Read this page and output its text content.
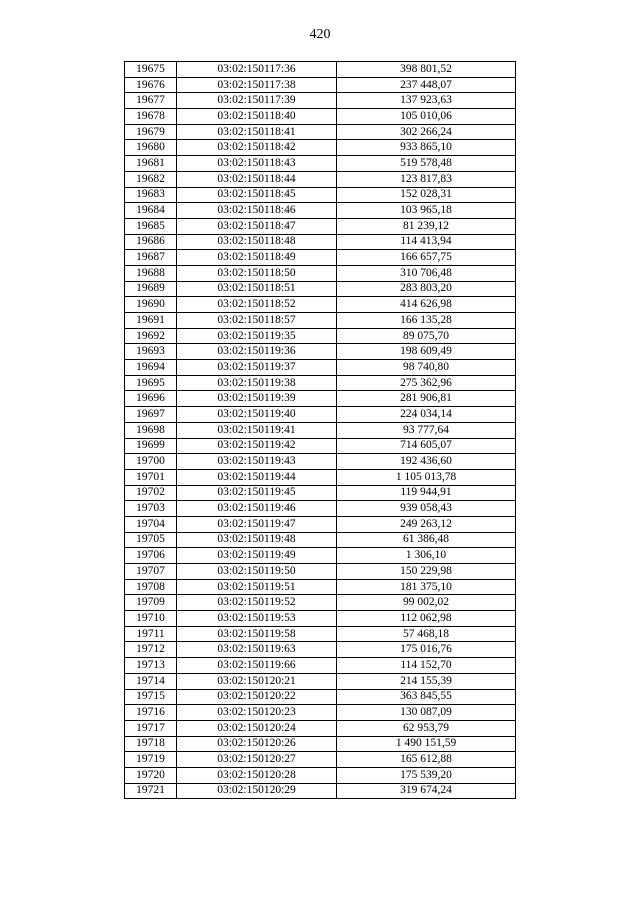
420
19675	03:02:150117:36	398 801,52
19676	03:02:150117:38	237 448,07
19677	03:02:150117:39	137 923,63
19678	03:02:150118:40	105 010,06
19679	03:02:150118:41	302 266,24
19680	03:02:150118:42	933 865,10
19681	03:02:150118:43	519 578,48
19682	03:02:150118:44	123 817,83
19683	03:02:150118:45	152 028,31
19684	03:02:150118:46	103 965,18
19685	03:02:150118:47	81 239,12
19686	03:02:150118:48	114 413,94
19687	03:02:150118:49	166 657,75
19688	03:02:150118:50	310 706,48
19689	03:02:150118:51	283 803,20
19690	03:02:150118:52	414 626,98
19691	03:02:150118:57	166 135,28
19692	03:02:150119:35	89 075,70
19693	03:02:150119:36	198 609,49
19694	03:02:150119:37	98 740,80
19695	03:02:150119:38	275 362,96
19696	03:02:150119:39	281 906,81
19697	03:02:150119:40	224 034,14
19698	03:02:150119:41	93 777,64
19699	03:02:150119:42	714 605,07
19700	03:02:150119:43	192 436,60
19701	03:02:150119:44	1 105 013,78
19702	03:02:150119:45	119 944,91
19703	03:02:150119:46	939 058,43
19704	03:02:150119:47	249 263,12
19705	03:02:150119:48	61 386,48
19706	03:02:150119:49	1 306,10
19707	03:02:150119:50	150 229,98
19708	03:02:150119:51	181 375,10
19709	03:02:150119:52	99 002,02
19710	03:02:150119:53	112 062,98
19711	03:02:150119:58	57 468,18
19712	03:02:150119:63	175 016,76
19713	03:02:150119:66	114 152,70
19714	03:02:150120:21	214 155,39
19715	03:02:150120:22	363 845,55
19716	03:02:150120:23	130 087,09
19717	03:02:150120:24	62 953,79
19718	03:02:150120:26	1 490 151,59
19719	03:02:150120:27	165 612,88
19720	03:02:150120:28	175 539,20
19721	03:02:150120:29	319 674,24
